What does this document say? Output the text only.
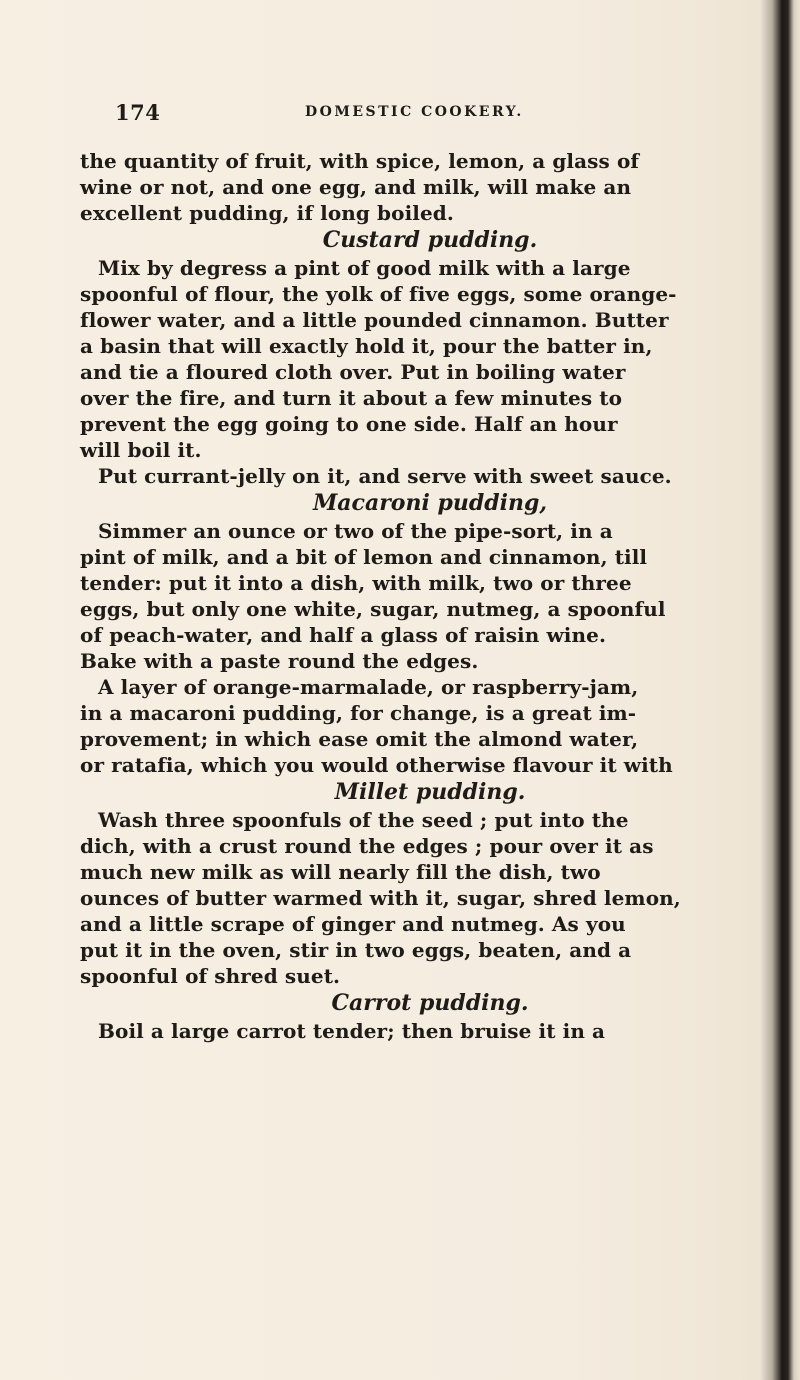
174	DOMESTIC COOKERY.
the quantity of fruit, with spice, lemon, a glass of
wine or not, and one egg, and milk, will make an
excellent pudding, if long boiled.
Custard pudding.
Mix by degress a pint of good milk with a large
spoonful of flour, the yolk of five eggs, some orange-
flower water, and a little pounded cinnamon. Butter
a basin that will exactly hold it, pour the batter in,
and tie a floured cloth over. Put in boiling water
over the fire, and turn it about a few minutes to
prevent the egg going to one side. Half an hour
will boil it.
Put currant-jelly on it, and serve with sweet sauce.
Macaroni pudding,
Simmer an ounce or two of the pipe-sort, in a
pint of milk, and a bit of lemon and cinnamon, till
tender: put it into a dish, with milk, two or three
eggs, but only one white, sugar, nutmeg, a spoonful
of peach-water, and half a glass of raisin wine.
Bake with a paste round the edges.
A layer of orange-marmalade, or raspberry-jam,
in a macaroni pudding, for change, is a great im-
provement; in which ease omit the almond water,
or ratafia, which you would otherwise flavour it with
Millet pudding.
Wash three spoonfuls of the seed ; put into the
dich, with a crust round the edges ; pour over it as
much new milk as will nearly fill the dish, two
ounces of butter warmed with it, sugar, shred lemon,
and a little scrape of ginger and nutmeg. As you
put it in the oven, stir in two eggs, beaten, and a
spoonful of shred suet.
Carrot pudding.
Boil a large carrot tender; then bruise it in a
